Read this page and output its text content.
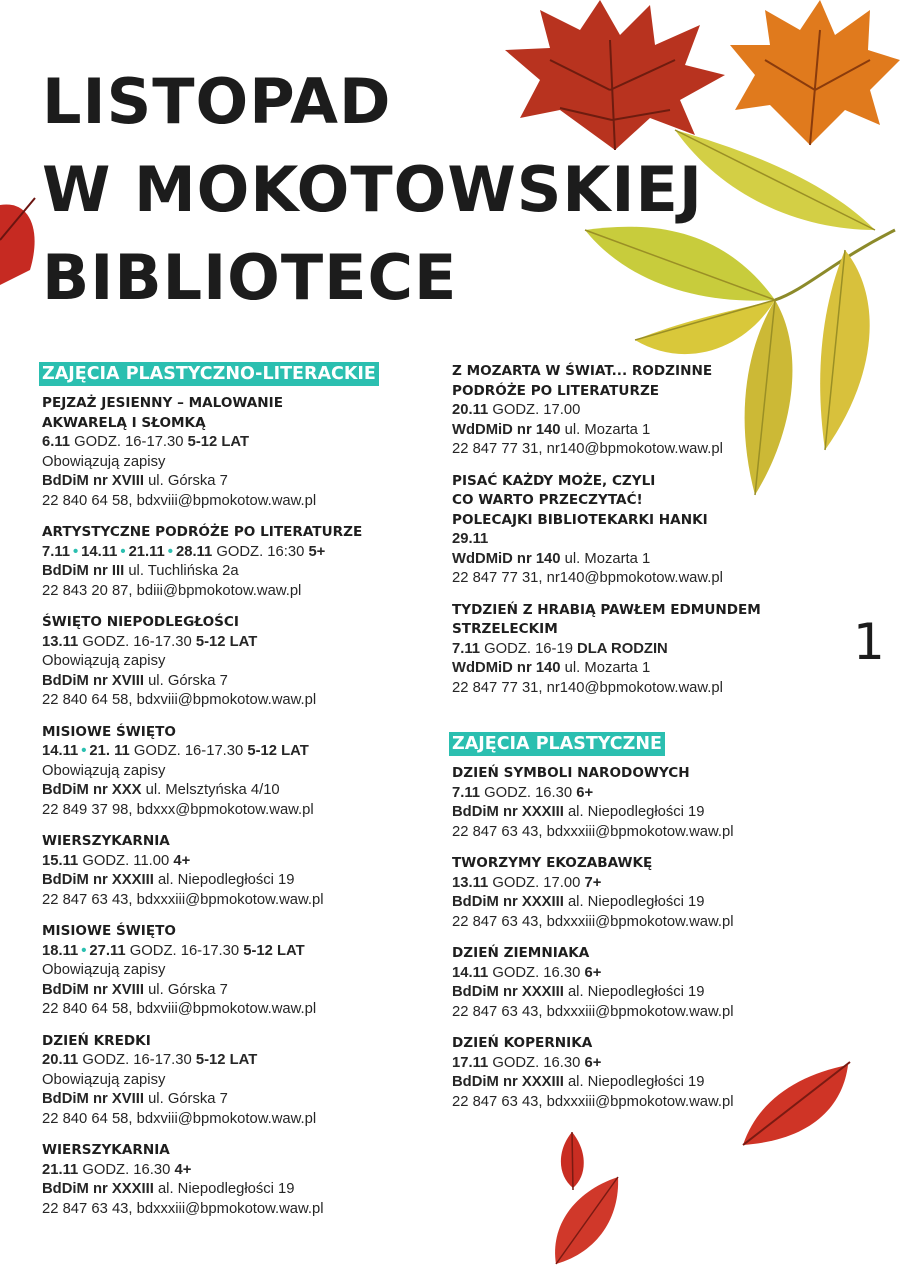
LISTOPAD
W MOKOTOWSKIEJ
BIBLIOTECE
ZAJĘCIA PLASTYCZNO-LITERACKIE
PEJZAŻ JESIENNY – MALOWANIE
AKWARELĄ I SŁOMKĄ
6.11 GODZ. 16-17.30 5-12 LAT
Obowiązują zapisy
BdDiM nr XVIII ul. Górska 7
22 840 64 58, bdxviii@bpmokotow.waw.pl
ARTYSTYCZNE PODRÓŻE PO LITERATURZE
7.11 • 14.11 • 21.11 • 28.11 GODZ. 16:30 5+
BdDiM nr III ul. Tuchlińska 2a
22 843 20 87, bdiii@bpmokotow.waw.pl
ŚWIĘTO NIEPODLEGŁOŚCI
13.11 GODZ. 16-17.30 5-12 LAT
Obowiązują zapisy
BdDiM nr XVIII ul. Górska 7
22 840 64 58, bdxviii@bpmokotow.waw.pl
MISIOWE ŚWIĘTO
14.11 • 21. 11 GODZ. 16-17.30 5-12 LAT
Obowiązują zapisy
BdDiM nr XXX ul. Melsztyńska 4/10
22 849 37 98, bdxxx@bpmokotow.waw.pl
WIERSZYKARNIA
15.11 GODZ. 11.00 4+
BdDiM nr XXXIII al. Niepodległości 19
22 847 63 43, bdxxxiii@bpmokotow.waw.pl
MISIOWE ŚWIĘTO
18.11 • 27.11 GODZ. 16-17.30 5-12 LAT
Obowiązują zapisy
BdDiM nr XVIII ul. Górska 7
22 840 64 58, bdxviii@bpmokotow.waw.pl
DZIEŃ KREDKI
20.11 GODZ. 16-17.30 5-12 LAT
Obowiązują zapisy
BdDiM nr XVIII ul. Górska 7
22 840 64 58, bdxviii@bpmokotow.waw.pl
WIERSZYKARNIA
21.11 GODZ. 16.30 4+
BdDiM nr XXXIII al. Niepodległości 19
22 847 63 43, bdxxxiii@bpmokotow.waw.pl
Z MOZARTA W ŚWIAT... RODZINNE
PODRÓŻE PO LITERATURZE
20.11 GODZ. 17.00
WdDMiD nr 140 ul. Mozarta 1
22 847 77 31, nr140@bpmokotow.waw.pl
PISAĆ KAŻDY MOŻE, CZYLI
CO WARTO PRZECZYTAĆ!
POLECAJKI BIBLIOTEKARKI HANKI
29.11
WdDMiD nr 140 ul. Mozarta 1
22 847 77 31, nr140@bpmokotow.waw.pl
TYDZIEŃ Z HRABIĄ PAWŁEM EDMUNDEM
STRZELECKIM
7.11 GODZ. 16-19 DLA RODZIN
WdDMiD nr 140 ul. Mozarta 1
22 847 77 31, nr140@bpmokotow.waw.pl
ZAJĘCIA PLASTYCZNE
DZIEŃ SYMBOLI NARODOWYCH
7.11 GODZ. 16.30 6+
BdDiM nr XXXIII al. Niepodległości 19
22 847 63 43, bdxxxiii@bpmokotow.waw.pl
TWORZYMY EKOZABAWKĘ
13.11 GODZ. 17.00 7+
BdDiM nr XXXIII al. Niepodległości 19
22 847 63 43, bdxxxiii@bpmokotow.waw.pl
DZIEŃ ZIEMNIAKA
14.11 GODZ. 16.30 6+
BdDiM nr XXXIII al. Niepodległości 19
22 847 63 43, bdxxxiii@bpmokotow.waw.pl
DZIEŃ KOPERNIKA
17.11 GODZ. 16.30 6+
BdDiM nr XXXIII al. Niepodległości 19
22 847 63 43, bdxxxiii@bpmokotow.waw.pl
1
